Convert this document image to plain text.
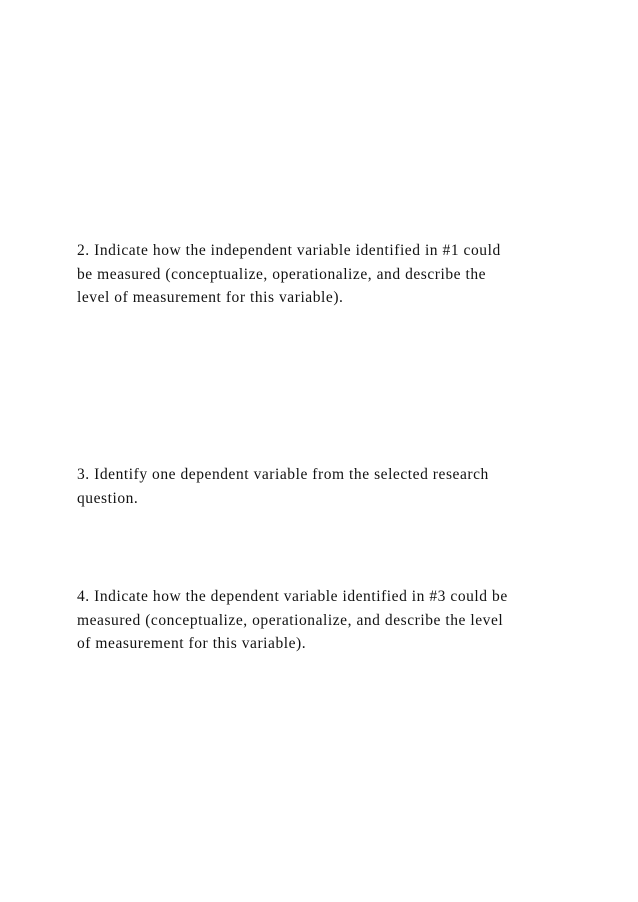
2. Indicate how the independent variable identified in #1 could
be measured (conceptualize, operationalize, and describe the
level of measurement for this variable).

3. Identify one dependent variable from the selected research
question.

4. Indicate how the dependent variable identified in #3 could be
measured (conceptualize, operationalize, and describe the level
of measurement for this variable).
